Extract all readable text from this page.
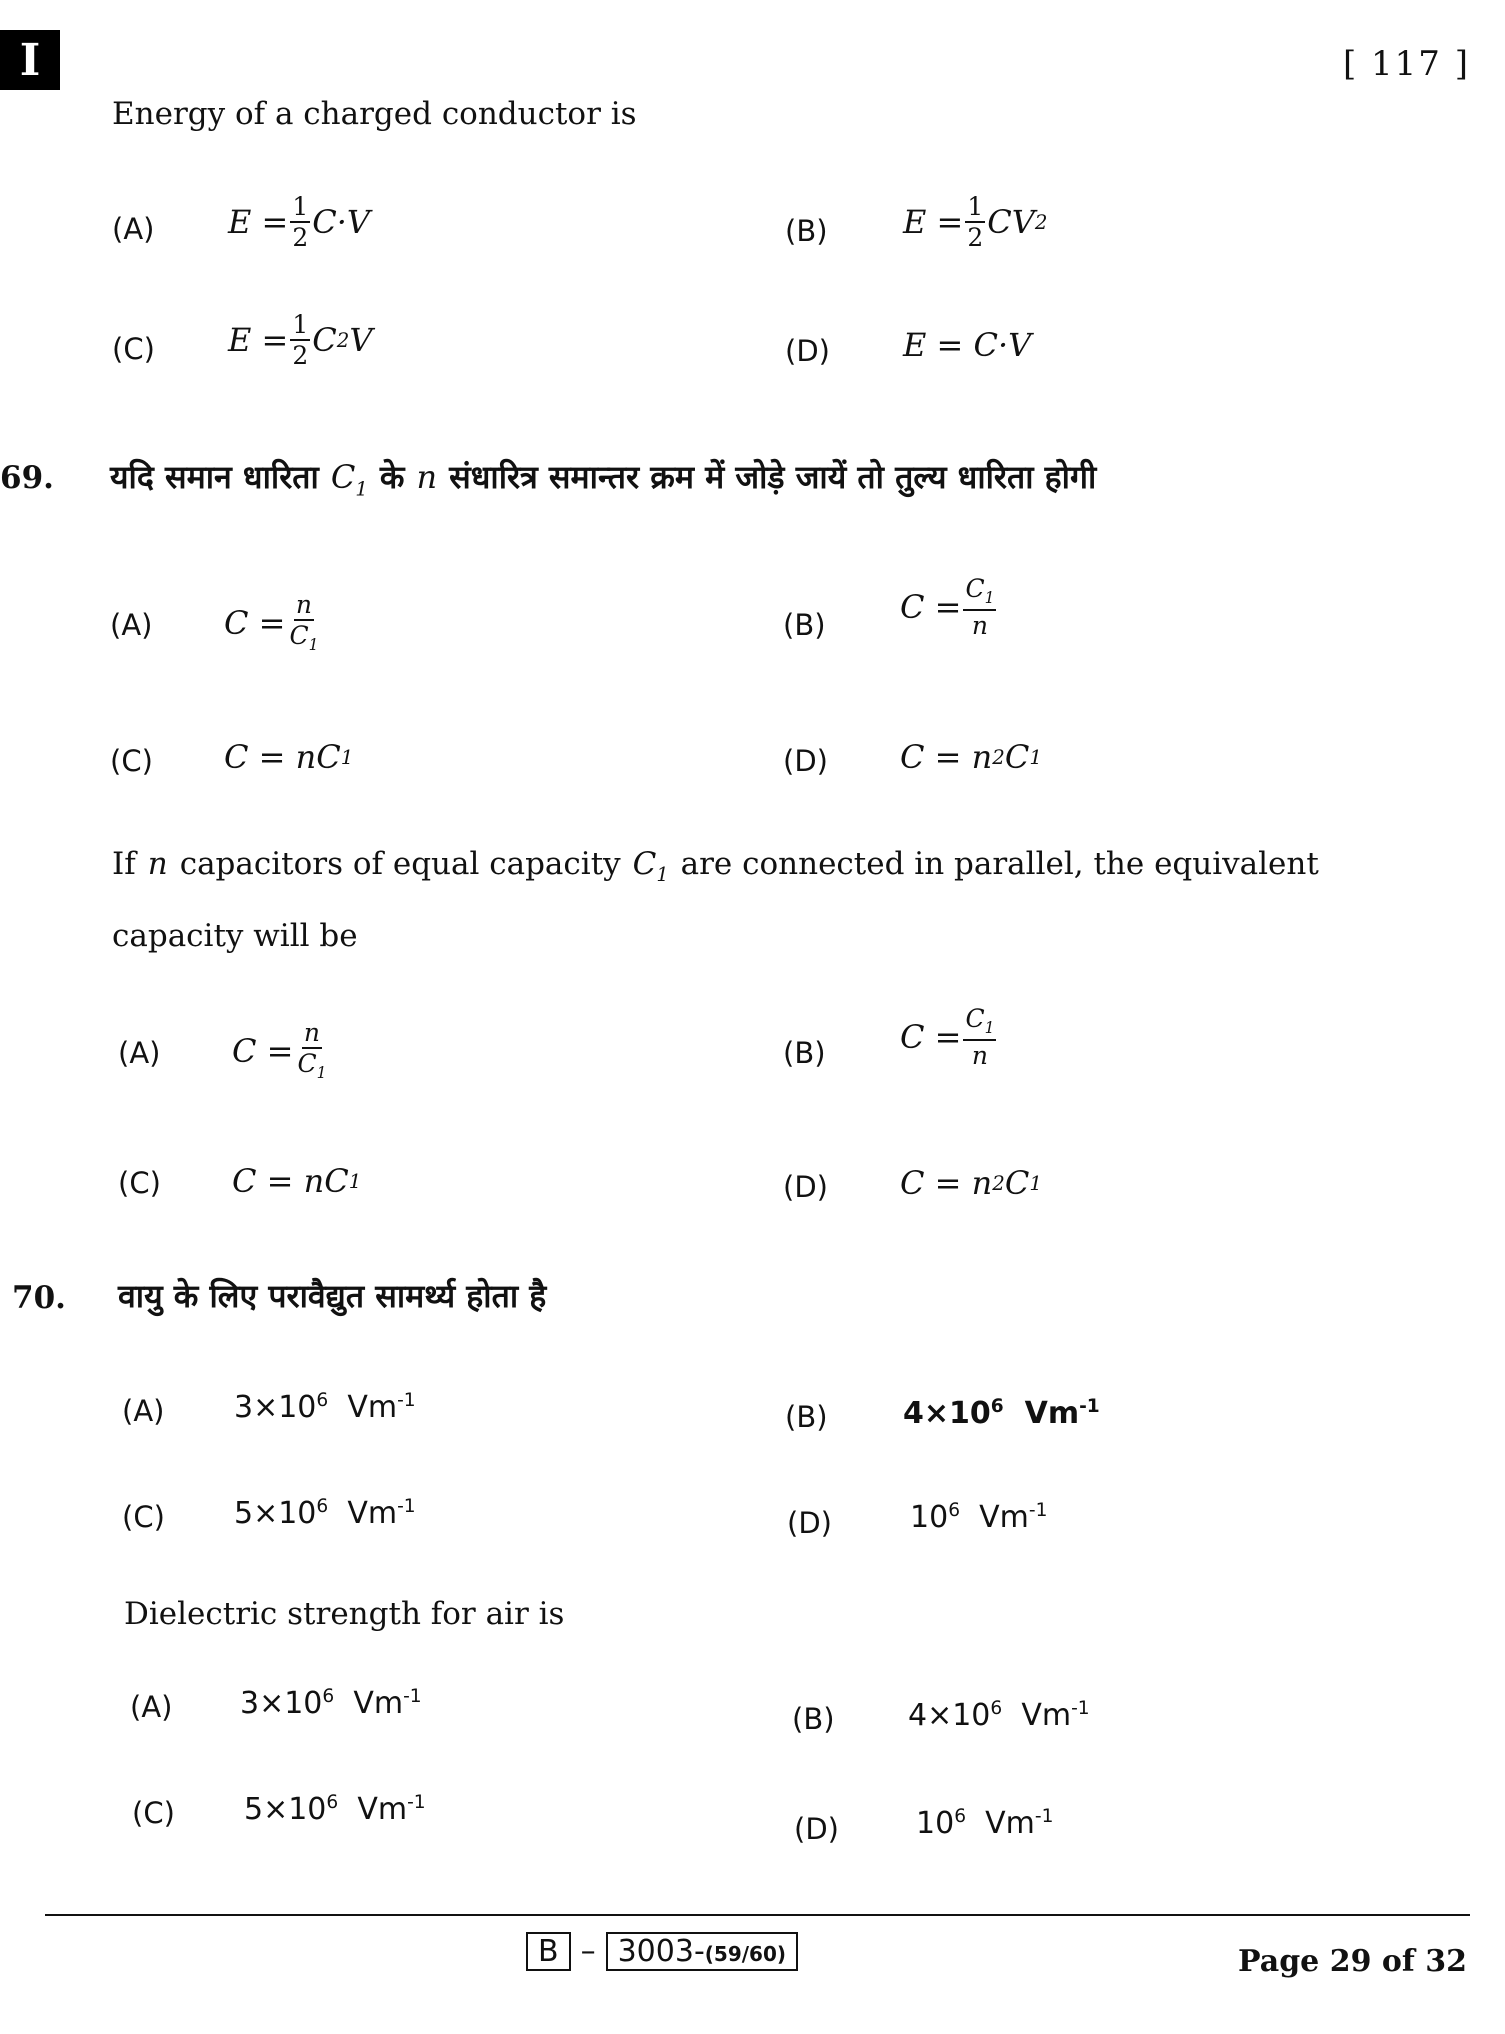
I	[ 117 ]
Energy of a charged conductor is
(A) $E = \frac{1}{2} C\cdot V$	(B) $E = \frac{1}{2}$ CV 2
(C) $E = \frac{1}{2}$ C 2 V	(D) E = C·V
69. यदि समान धारिता $C_1$ के n संधारित्र समान्तर क्रम में जोड़े जायें तो तुल्य धारिता होगी
(A) $C = \frac{n}{C_1}$	(B) $C = \frac{C_1}{n}$
(C) C = nC 1	(D) C = n 2 C 1
If n capacitors of equal capacity $C_1$ are connected in parallel, the equivalent
capacity will be
(A) $C = \frac{n}{C_1}$	(B) $C = \frac{C_1}{n}$
(C) C = nC 1	(D) C = n 2 C 1
70. वायु के लिए परावैद्युत सामर्थ्य होता है
(A) $3\times 10^6$ $Vm^{-1}$	(B)	$4\times 10^6$ $Vm^{-1}$
(C) $5\times 10^6$ $Vm^{-1}$	(D)	$10^6$ $Vm^{-1}$
Dielectric strength for air is
(A) $3\times 10^6$ $Vm^{-1}$
(B) $4\times 10^6$ $Vm^{-1}$
(C) $5\times 10^6$ $Vm^{-1}$
(D)	$10^6$ $Vm^{-1}$
B – 3003-(59/60)	Page 29 of 32
